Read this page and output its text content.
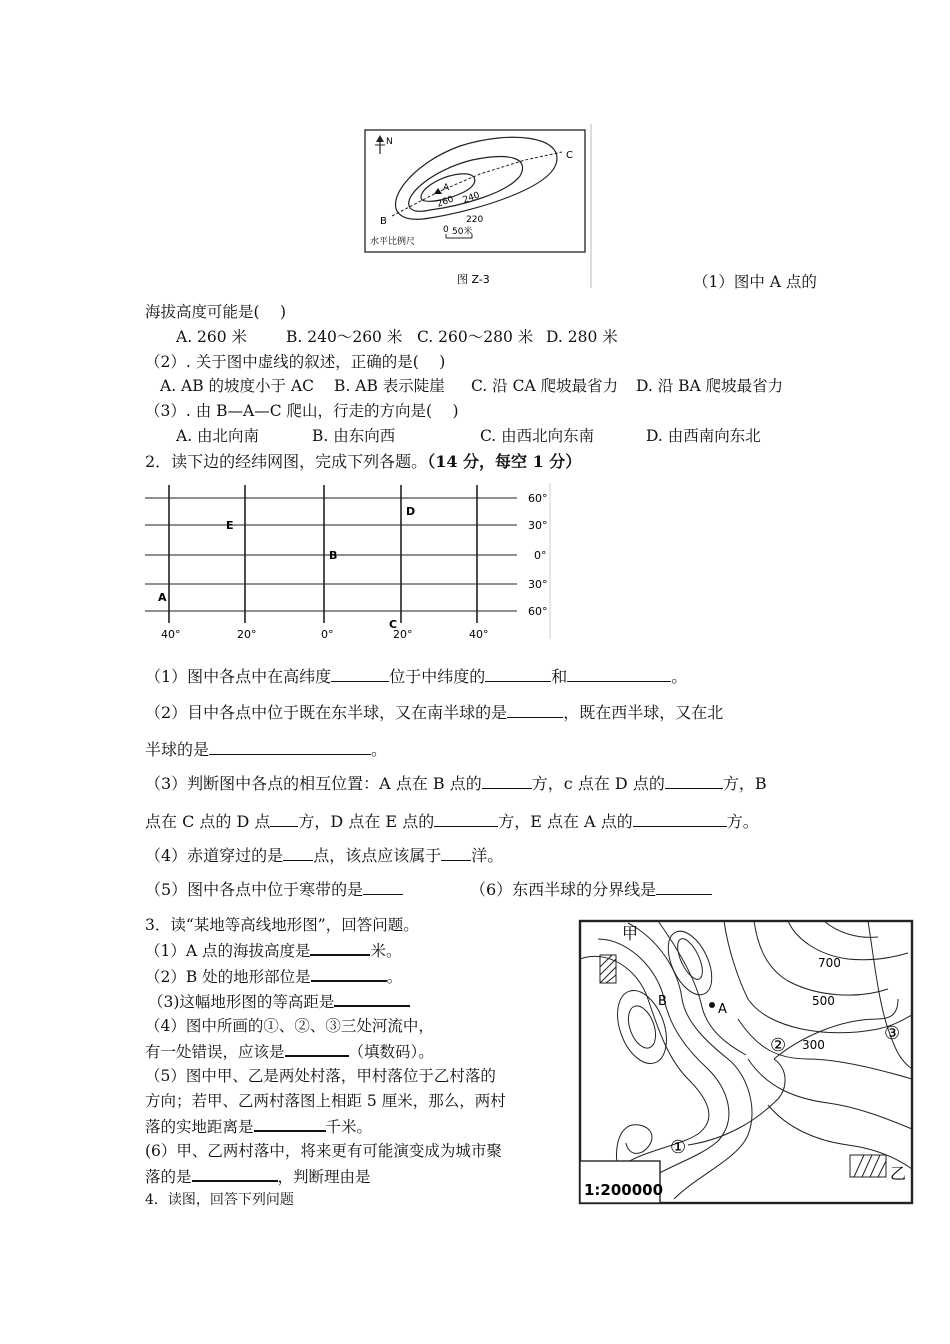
N
A
B
C
260 240
220
0 50米
水平比例尺
图 Z-3	（1）图中 A 点的
海拔高度可能是(　 )
A. 260 米	B. 240～260 米 C. 260～280 米 D. 280 米
（2）. 关于图中虚线的叙述，正确的是(　 )
A. AB 的坡度小于 AC B. AB 表示陡崖 C. 沿 CA 爬坡最省力 D. 沿 BA 爬坡最省力
（3）. 由 B—A—C 爬山，行走的方向是(　 )
A. 由北向南	B. 由东向西	C. 由西北向东南	D. 由西南向东北
2．读下边的经纬网图，完成下列各题。（14 分，每空 1 分）
60°
30°
0°
30°
60°
40°	20°	0°	20°	40°
A
B
C
D
E
（1）图中各点中在高纬度	位于中纬度的	和	。
（2）目中各点中位于既在东半球，又在南半球的是	，既在西半球，又在北
半球的是	。
（3）判断图中各点的相互位置：A 点在 B 点的	方，c 点在 D 点的	方，B
点在 C 点的 D 点 方，D 点在 E 点的	方，E 点在 A 点的	方。
（4）赤道穿过的是 点，该点应该属于 洋。
（5）图中各点中位于寒带的是	（6）东西半球的分界线是
3．读“某地等高线地形图”，回答问题。
（1）A 点的海拔高度是	米。
（2）B 处的地形部位是	。
（3)这幅地形图的等高距是
（4）图中所画的①、②、③三处河流中，
有一处错误，应该是	（填数码）。
（5）图中甲、乙是两处村落，甲村落位于乙村落的
方向；若甲、乙两村落图上相距 5 厘米，那么，两村
落的实地距离是	千米。
(6）甲、乙两村落中，将来更有可能演变成为城市聚
落的是	，判断理由是
甲
乙
A
B
700
500
300
①
②
③
1:200000
4．读图，回答下列问题
